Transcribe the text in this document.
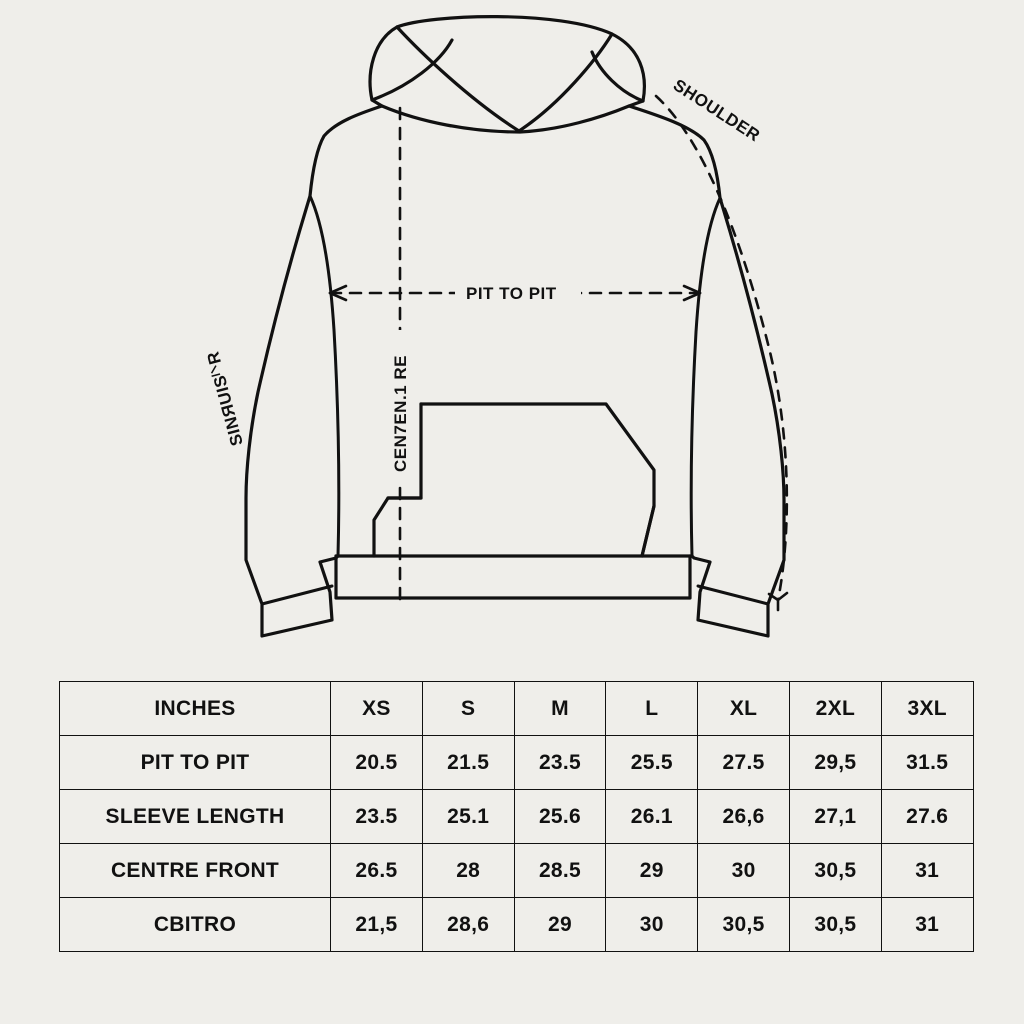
PIT TO PIT
SHOULDER
CEN7EN.1 RE
SINЯUISˡ⸌R
INCHES	XS	S	M	L	XL	2XL	3XL
PIT TO PIT	20.5	21.5	23.5	25.5	27.5	29,5	31.5
SLEEVE LENGTH	23.5	25.1	25.6	26.1	26,6	27,1	27.6
CENTRE FRONT	26.5	28	28.5	29	30	30,5	31
CBITRO	21,5	28,6	29	30	30,5	30,5	31
